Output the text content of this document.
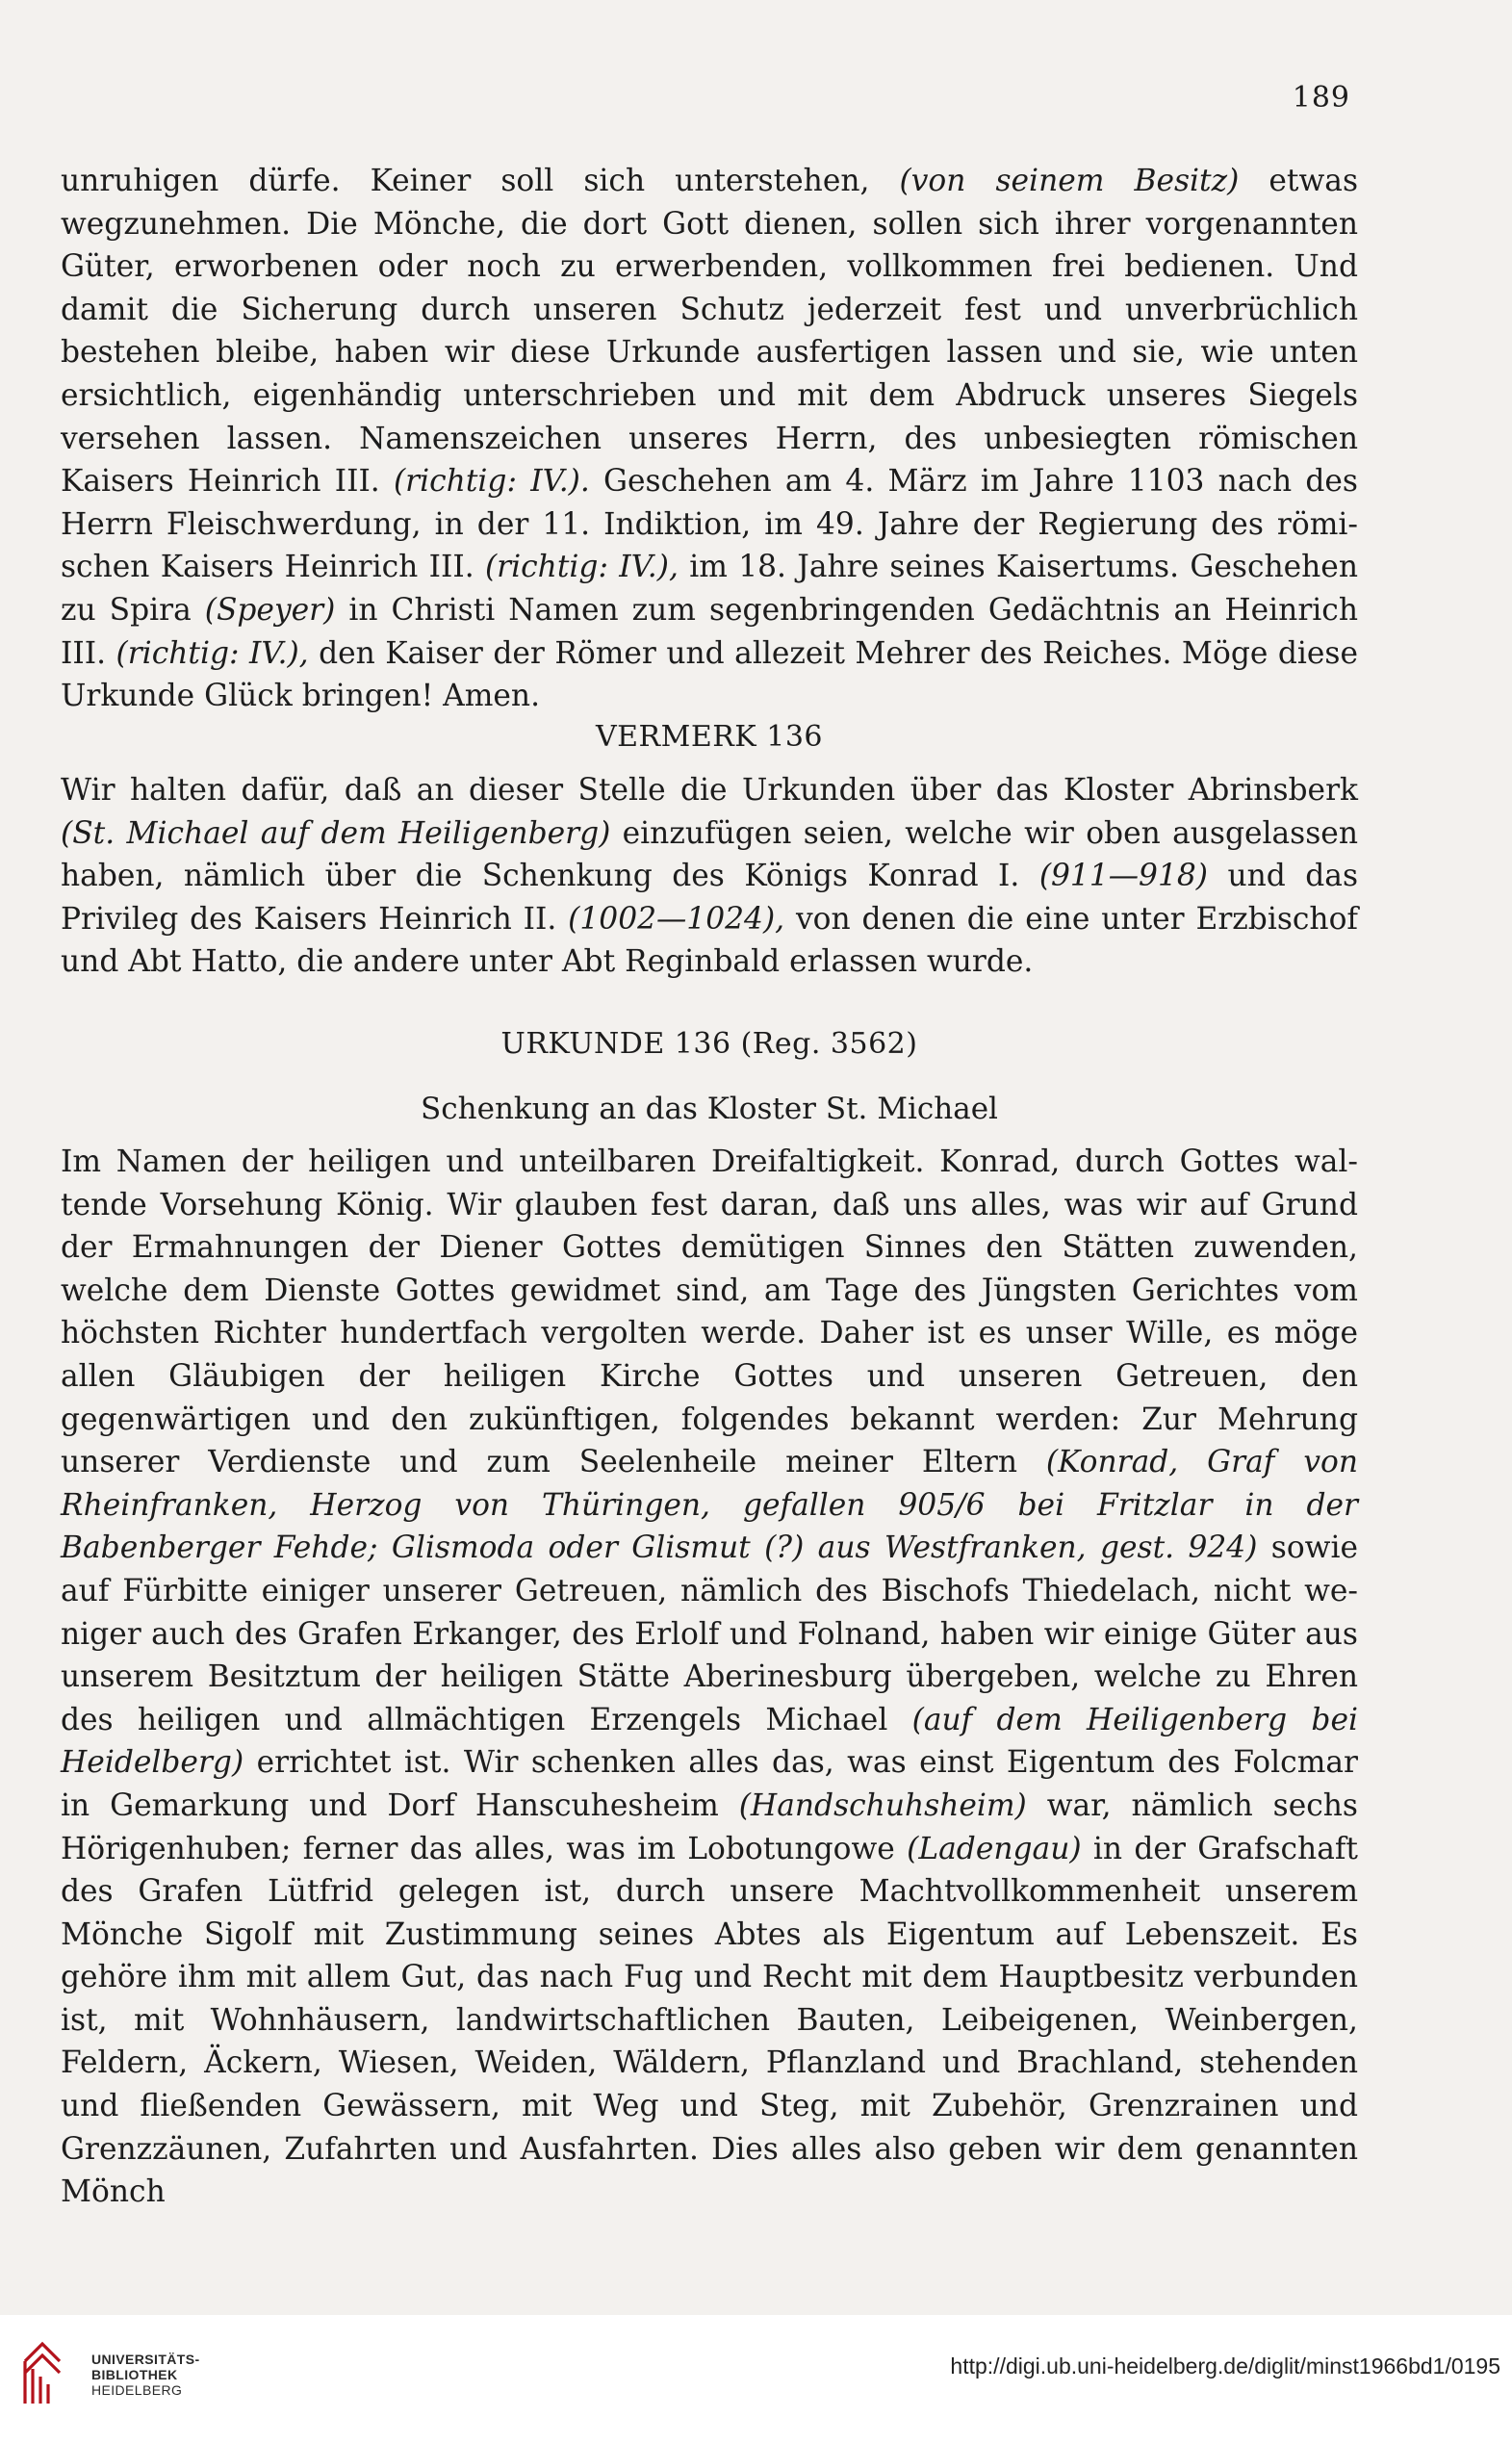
189

unruhigen dürfe. Keiner soll sich unterstehen, (von seinem Besitz) etwas wegzunehmen. Die Mönche, die dort Gott dienen, sollen sich ihrer vorgenannten Güter, erworbenen oder noch zu erwerbenden, vollkommen frei bedienen. Und damit die Sicherung durch unseren Schutz jederzeit fest und unverbrüchlich bestehen bleibe, haben wir diese Urkunde ausfertigen lassen und sie, wie unten ersichtlich, eigenhändig unterschrieben und mit dem Abdruck unseres Siegels versehen lassen. Namenszeichen unseres Herrn, des unbesiegten römischen Kaisers Heinrich III. (richtig: IV.). Geschehen am 4. März im Jahre 1103 nach des Herrn Fleischwerdung, in der 11. Indiktion, im 49. Jahre der Regierung des römischen Kaisers Heinrich III. (richtig: IV.), im 18. Jahre seines Kaisertums. Geschehen zu Spira (Speyer) in Christi Namen zum segenbringenden Gedächtnis an Heinrich III. (richtig: IV.), den Kaiser der Römer und allezeit Mehrer des Reiches. Möge diese Urkunde Glück bringen! Amen.

VERMERK 136

Wir halten dafür, daß an dieser Stelle die Urkunden über das Kloster Abrinsberk (St. Michael auf dem Heiligenberg) einzufügen seien, welche wir oben ausgelassen haben, nämlich über die Schenkung des Königs Konrad I. (911—918) und das Privileg des Kaisers Heinrich II. (1002—1024), von denen die eine unter Erzbischof und Abt Hatto, die andere unter Abt Reginbald erlassen wurde.

URKUNDE 136 (Reg. 3562)
Schenkung an das Kloster St. Michael

Im Namen der heiligen und unteilbaren Dreifaltigkeit. Konrad, durch Gottes waltende Vorsehung König. Wir glauben fest daran, daß uns alles, was wir auf Grund der Ermahnungen der Diener Gottes demütigen Sinnes den Stätten zuwenden, welche dem Dienste Gottes gewidmet sind, am Tage des Jüngsten Gerichtes vom höchsten Richter hundertfach vergolten werde. Daher ist es unser Wille, es möge allen Gläubigen der heiligen Kirche Gottes und unseren Getreuen, den gegenwärtigen und den zukünftigen, folgendes bekannt werden: Zur Mehrung unserer Verdienste und zum Seelenheile meiner Eltern (Konrad, Graf von Rheinfranken, Herzog von Thüringen, gefallen 905/6 bei Fritzlar in der Babenberger Fehde; Glismoda oder Glismut (?) aus Westfranken, gest. 924) sowie auf Fürbitte einiger unserer Getreuen, nämlich des Bischofs Thiedelach, nicht weniger auch des Grafen Erkanger, des Erlolf und Folnand, haben wir einige Güter aus unserem Besitztum der heiligen Stätte Aberinesburg übergeben, welche zu Ehren des heiligen und allmächtigen Erzengels Michael (auf dem Heiligenberg bei Heidelberg) errichtet ist. Wir schenken alles das, was einst Eigentum des Folcmar in Gemarkung und Dorf Hanscuhesheim (Handschuhsheim) war, nämlich sechs Hörigenhuben; ferner das alles, was im Lobotungowe (Ladengau) in der Grafschaft des Grafen Lütfrid gelegen ist, durch unsere Machtvollkommenheit unserem Mönche Sigolf mit Zustimmung seines Abtes als Eigentum auf Lebenszeit. Es gehöre ihm mit allem Gut, das nach Fug und Recht mit dem Hauptbesitz verbunden ist, mit Wohnhäusern, landwirtschaftlichen Bauten, Leibeigenen, Weinbergen, Feldern, Äckern, Wiesen, Weiden, Wäldern, Pflanzland und Brachland, stehenden und fließenden Gewässern, mit Weg und Steg, mit Zubehör, Grenzrainen und Grenzzäunen, Zufahrten und Ausfahrten. Dies alles also geben wir dem genannten Mönch

UNIVERSITÄTS-
BIBLIOTHEK
HEIDELBERG
http://digi.ub.uni-heidelberg.de/diglit/minst1966bd1/0195
